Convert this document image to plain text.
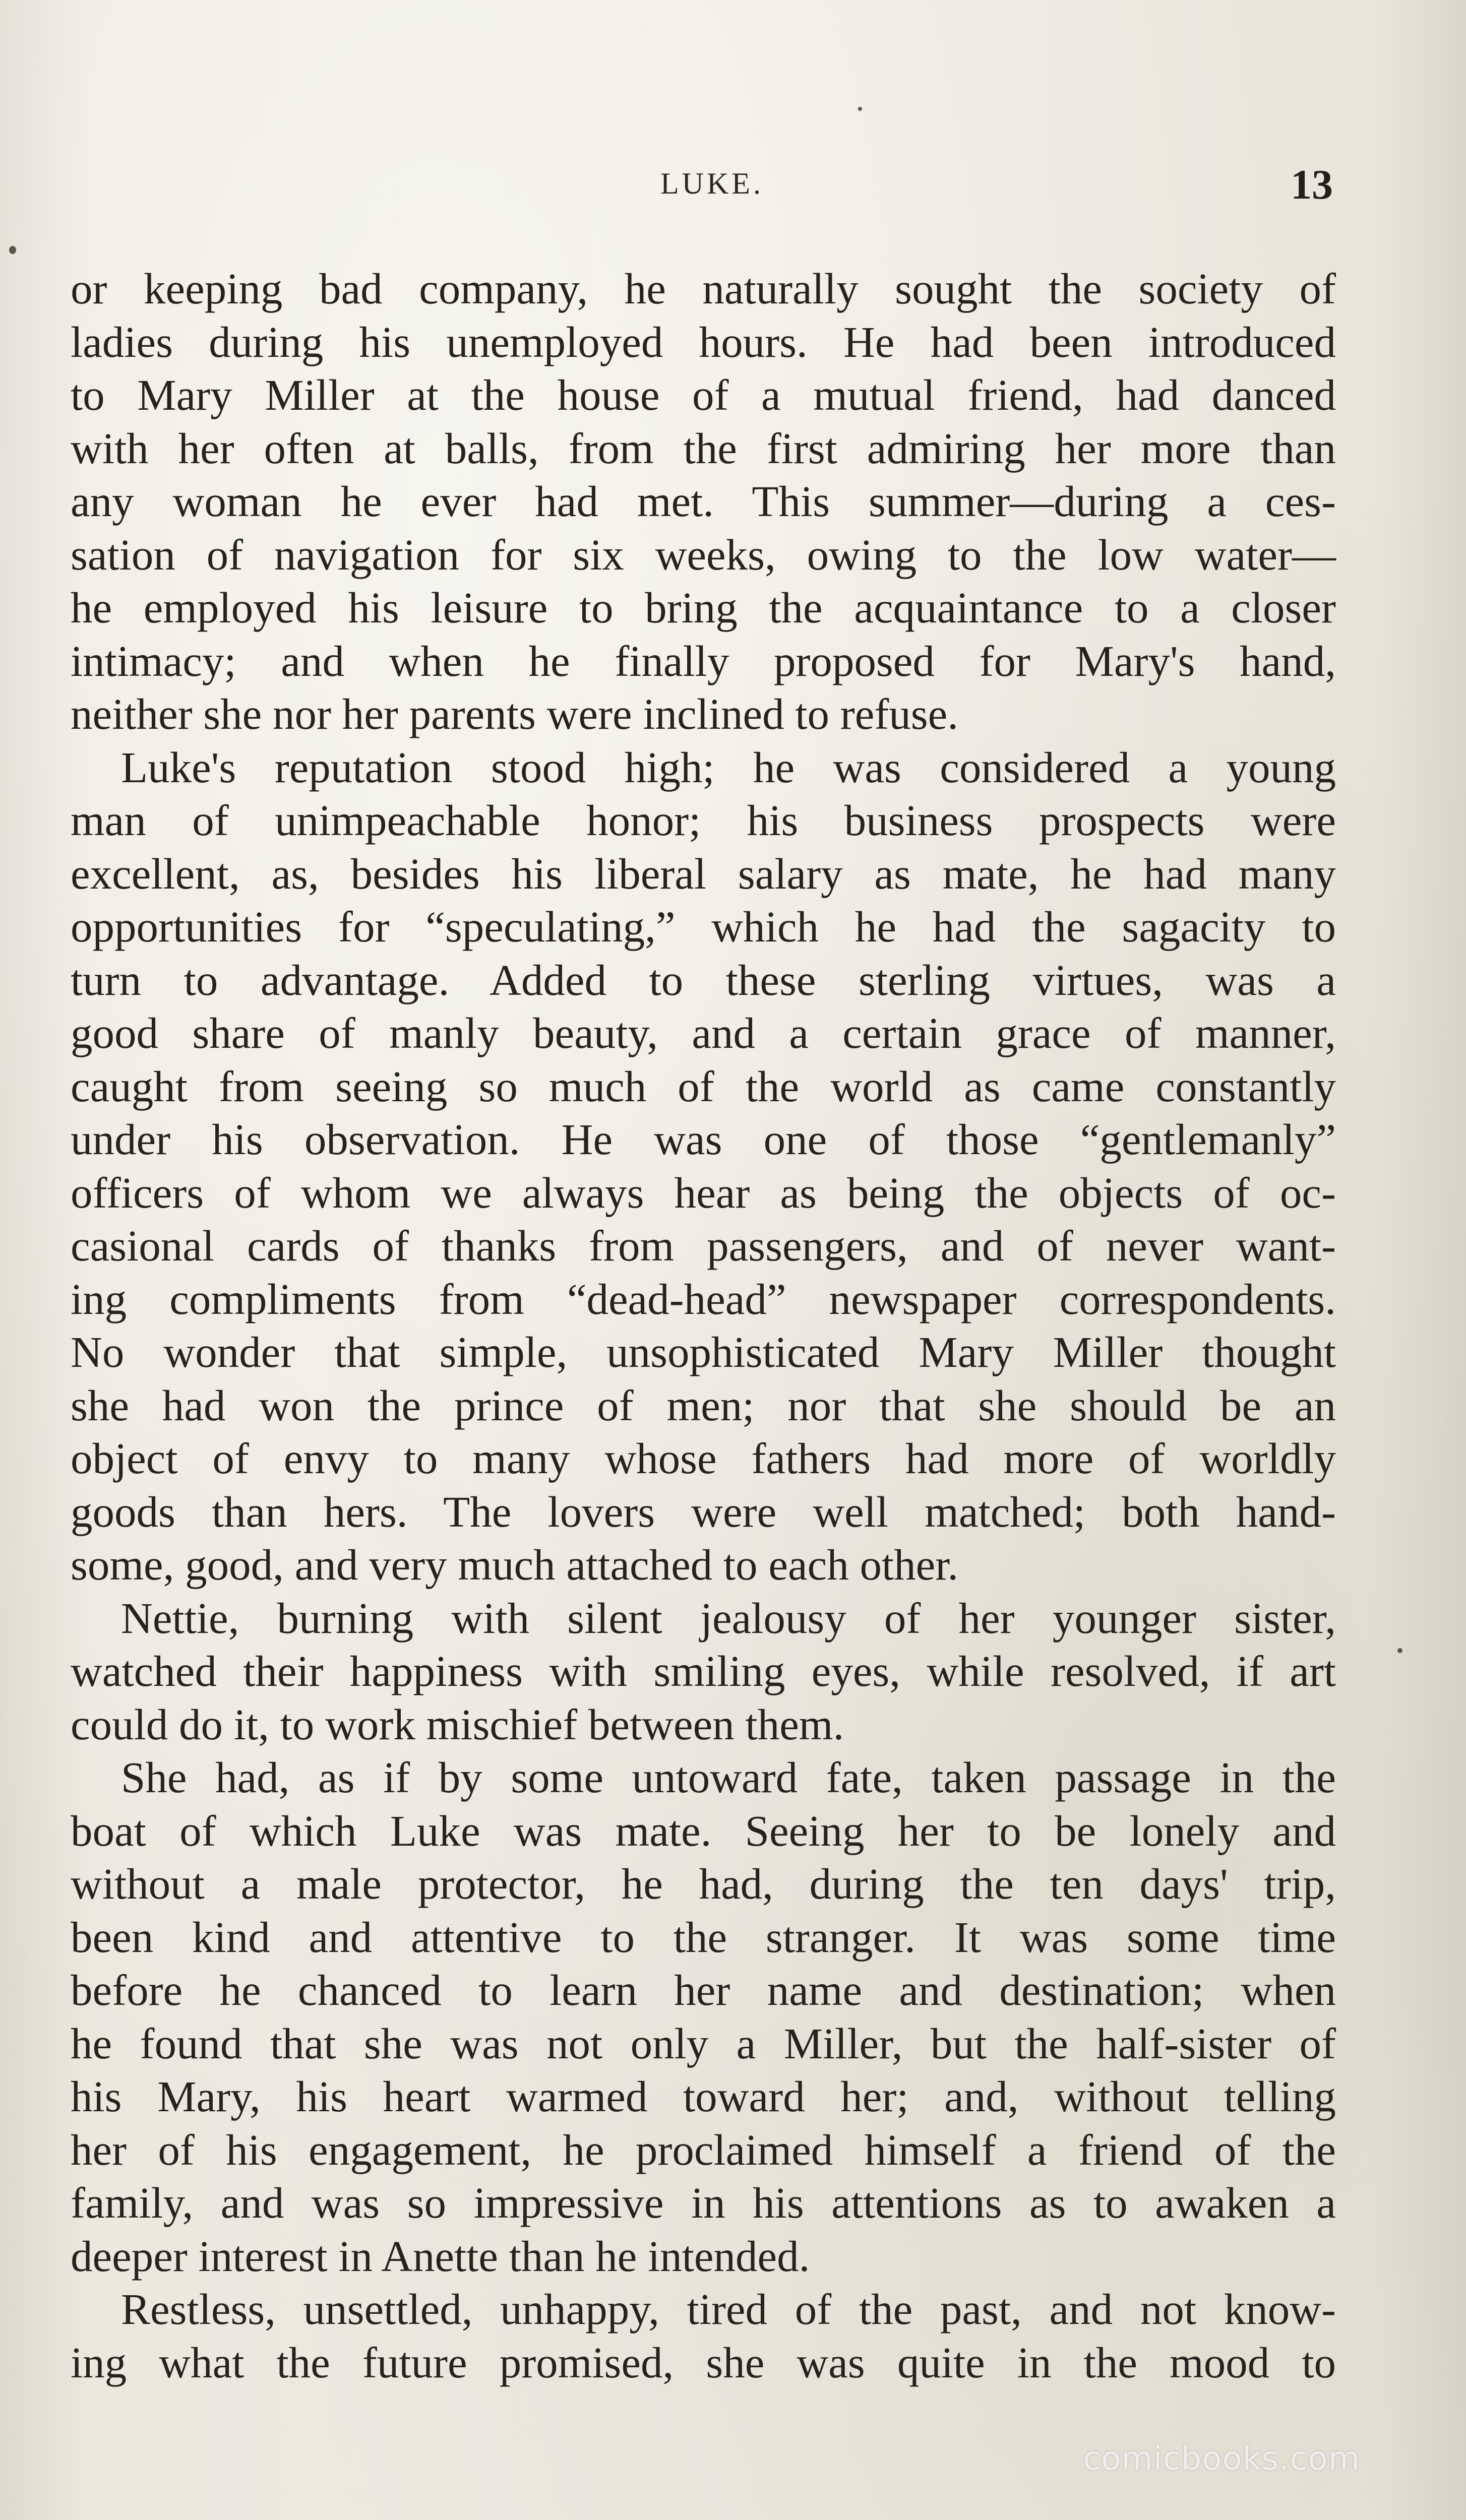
LUKE.	13
or keeping bad company, he naturally sought the society of
ladies during his unemployed hours. He had been introduced
to Mary Miller at the house of a mutual friend, had danced
with her often at balls, from the first admiring her more than
any woman he ever had met. This summer—during a ces-
sation of navigation for six weeks, owing to the low water—
he employed his leisure to bring the acquaintance to a closer
intimacy; and when he finally proposed for Mary's hand,
neither she nor her parents were inclined to refuse.
Luke's reputation stood high; he was considered a young
man of unimpeachable honor; his business prospects were
excellent, as, besides his liberal salary as mate, he had many
opportunities for “speculating,” which he had the sagacity to
turn to advantage. Added to these sterling virtues, was a
good share of manly beauty, and a certain grace of manner,
caught from seeing so much of the world as came constantly
under his observation. He was one of those “gentlemanly”
officers of whom we always hear as being the objects of oc-
casional cards of thanks from passengers, and of never want-
ing compliments from “dead-head” newspaper correspondents.
No wonder that simple, unsophisticated Mary Miller thought
she had won the prince of men; nor that she should be an
object of envy to many whose fathers had more of worldly
goods than hers. The lovers were well matched; both hand-
some, good, and very much attached to each other.
Nettie, burning with silent jealousy of her younger sister,
watched their happiness with smiling eyes, while resolved, if art
could do it, to work mischief between them.
She had, as if by some untoward fate, taken passage in the
boat of which Luke was mate. Seeing her to be lonely and
without a male protector, he had, during the ten days' trip,
been kind and attentive to the stranger. It was some time
before he chanced to learn her name and destination; when
he found that she was not only a Miller, but the half-sister of
his Mary, his heart warmed toward her; and, without telling
her of his engagement, he proclaimed himself a friend of the
family, and was so impressive in his attentions as to awaken a
deeper interest in Anette than he intended.
Restless, unsettled, unhappy, tired of the past, and not know-
ing what the future promised, she was quite in the mood to
comicbooks.com
